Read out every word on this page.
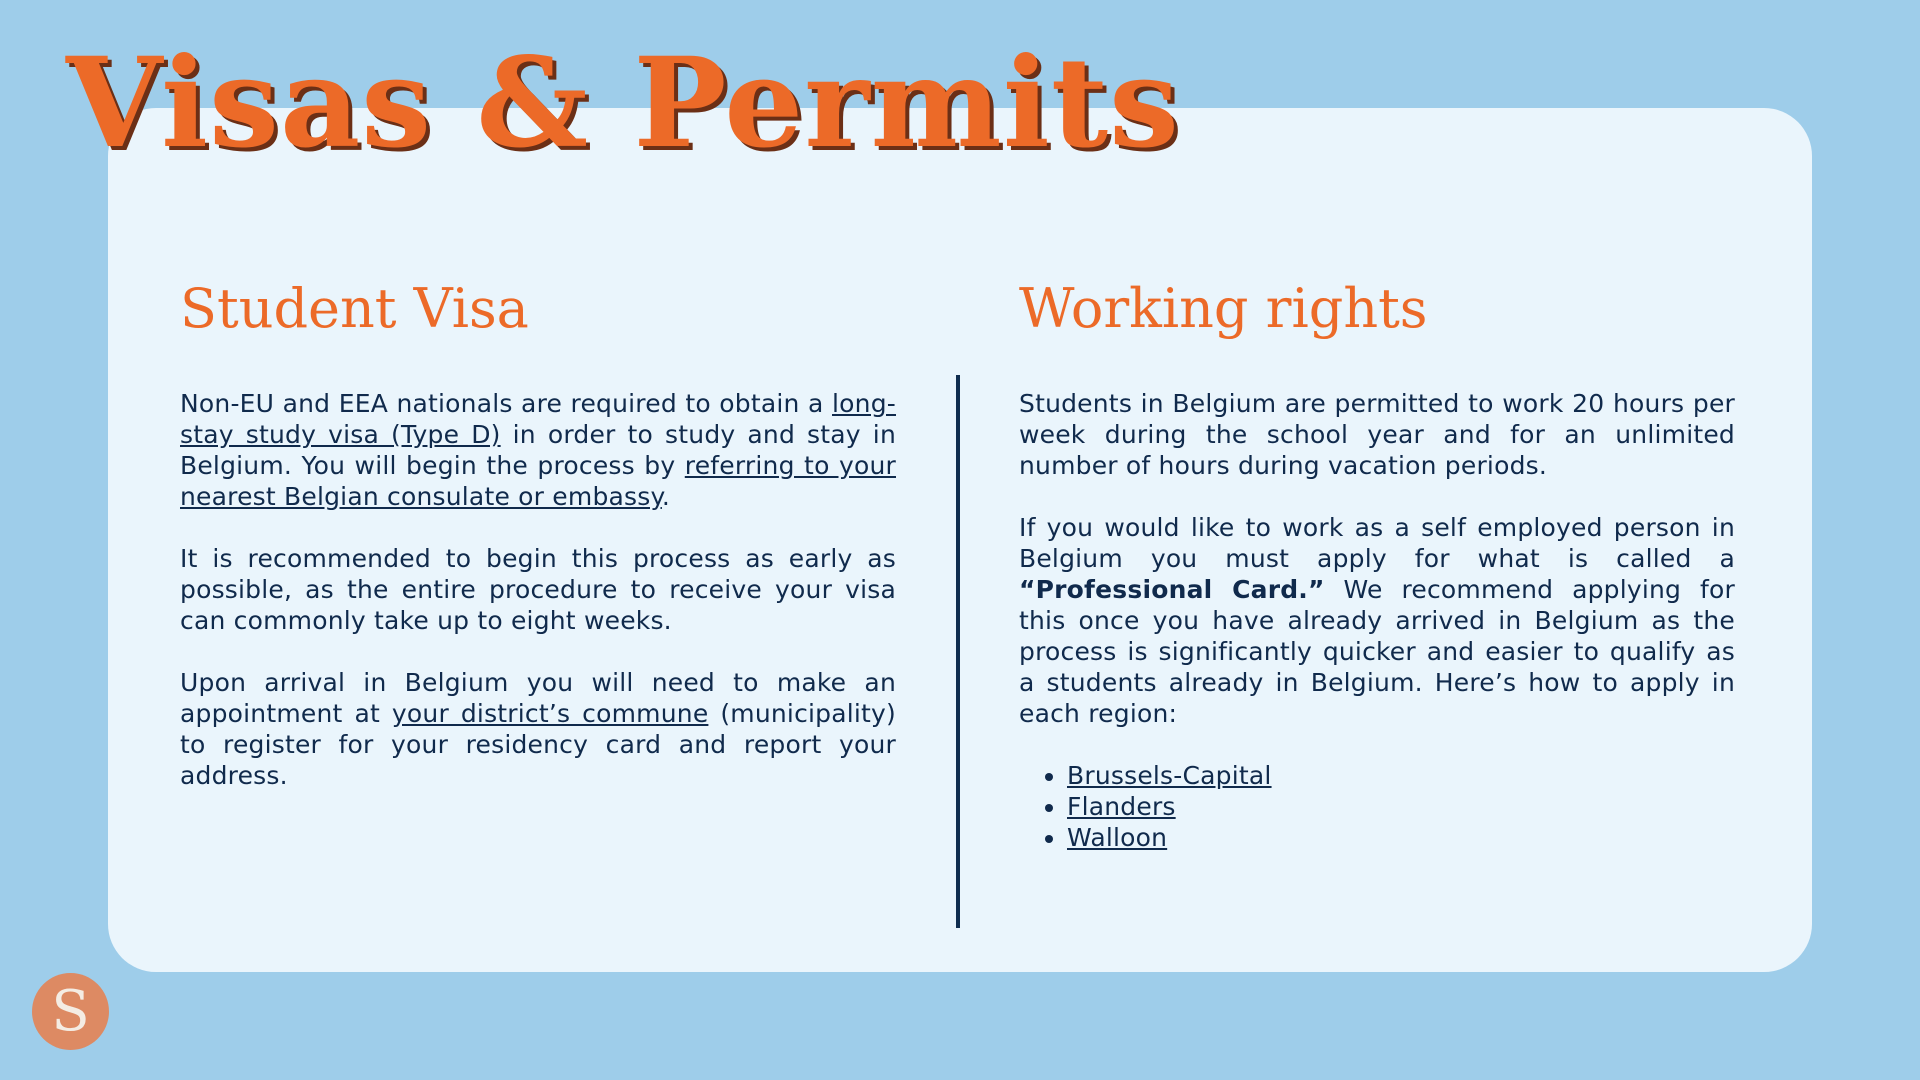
Visas & Permits
Student Visa

Non-EU and EEA nationals are required to obtain a long-stay study visa (Type D) in order to study and stay in Belgium. You will begin the process by referring to your nearest Belgian consulate or embassy.

It is recommended to begin this process as early as possible, as the entire procedure to receive your visa can commonly take up to eight weeks.

Upon arrival in Belgium you will need to make an appointment at your district’s commune (municipality) to register for your residency card and report your address.

Working rights

Students in Belgium are permitted to work 20 hours per week during the school year and for an unlimited number of hours during vacation periods.

If you would like to work as a self employed person in Belgium you must apply for what is called a “Professional Card.” We recommend applying for this once you have already arrived in Belgium as the process is significantly quicker and easier to qualify as a students already in Belgium. Here’s how to apply in each region:

• Brussels-Capital
• Flanders
• Walloon
S
